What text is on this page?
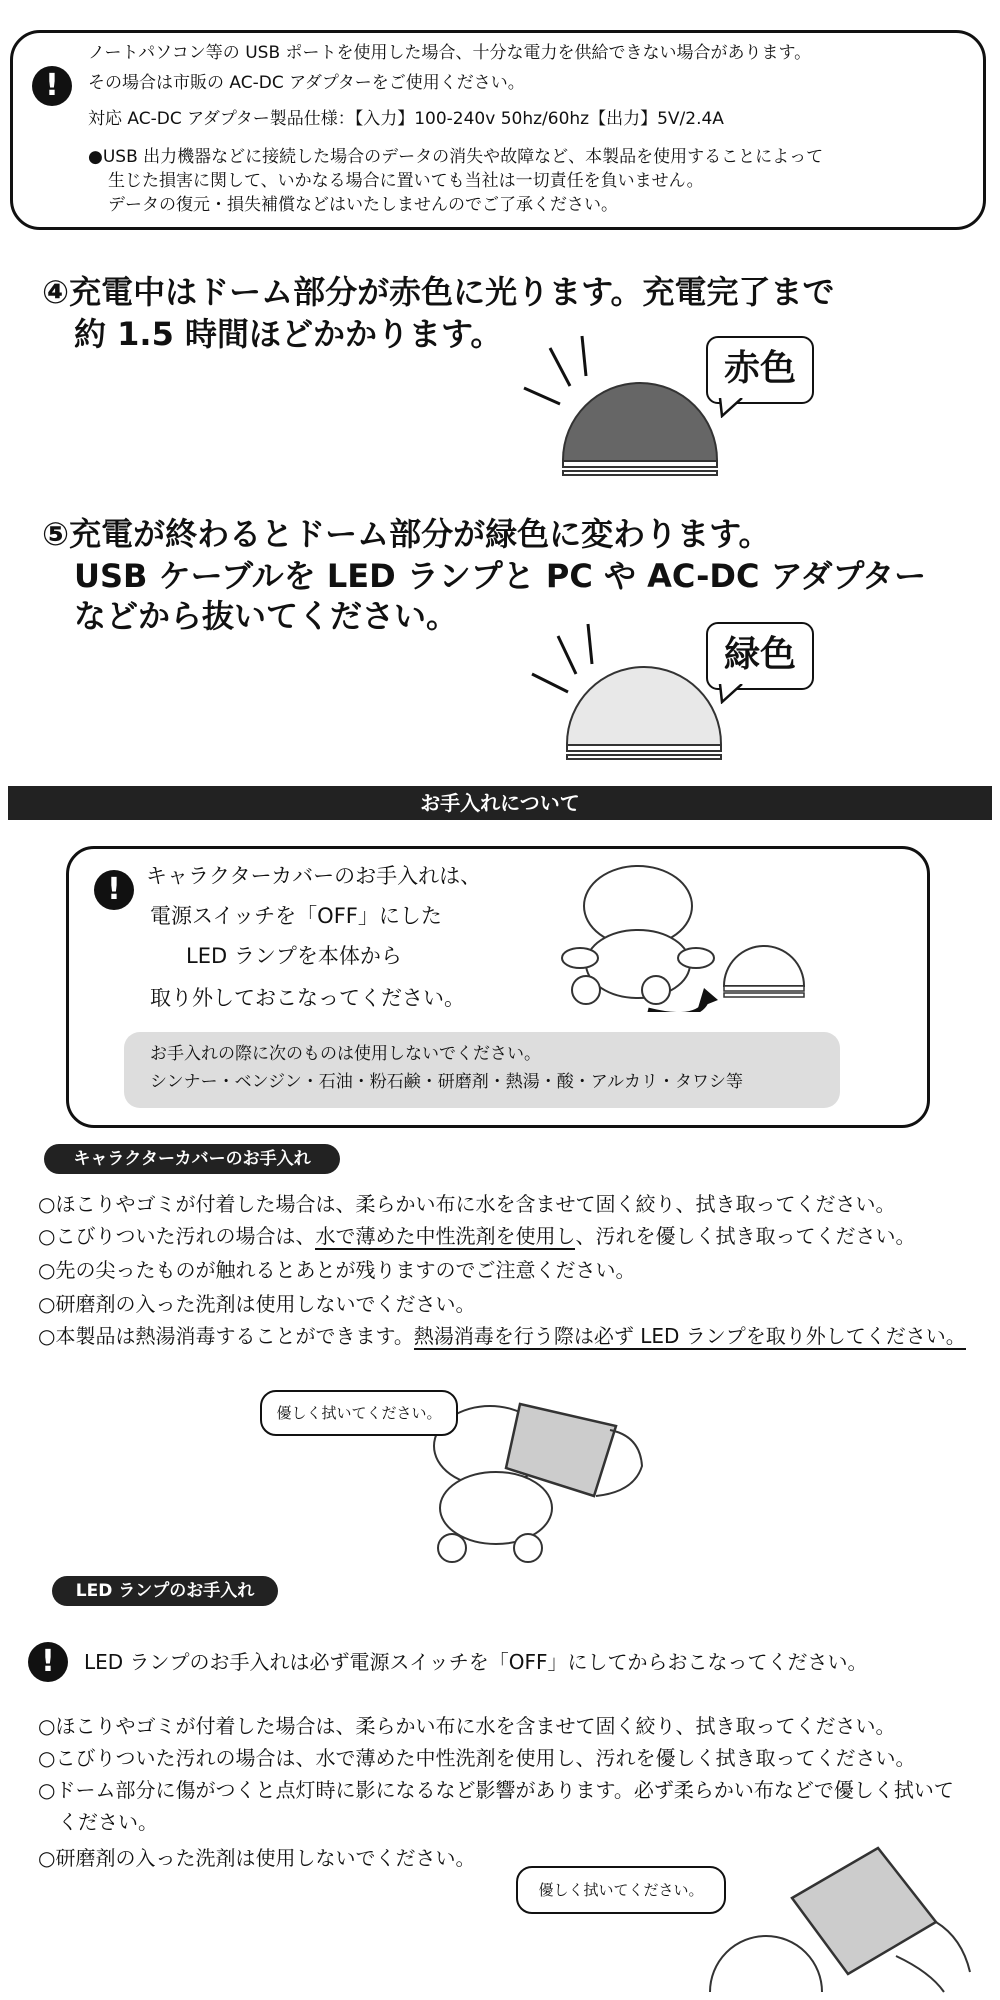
!
ノートパソコン等の USB ポートを使用した場合、十分な電力を供給できない場合があります。
その場合は市販の AC-DC アダプターをご使用ください。
対応 AC-DC アダプター製品仕様：【入力】100-240v 50hz/60hz【出力】5V/2.4A
●USB 出力機器などに接続した場合のデータの消失や故障など、本製品を使用することによって
生じた損害に関して、いかなる場合に置いても当社は一切責任を負いません。
データの復元・損失補償などはいたしませんのでご了承ください。
④充電中はドーム部分が赤色に光ります。充電完了まで
約 1.5 時間ほどかかります。
赤色
⑤充電が終わるとドーム部分が緑色に変わります。
USB ケーブルを LED ランプと PC や AC-DC アダプター
などから抜いてください。
緑色
お手入れについて
!	キャラクターカバーのお手入れは、
電源スイッチを「OFF」にした
LED ランプを本体から
取り外しておこなってください。
お手入れの際に次のものは使用しないでください。
シンナー・ベンジン・石油・粉石鹸・研磨剤・熱湯・酸・アルカリ・タワシ等
キャラクターカバーのお手入れ
○ほこりやゴミが付着した場合は、柔らかい布に水を含ませて固く絞り、拭き取ってください。
○こびりついた汚れの場合は、水で薄めた中性洗剤を使用し、汚れを優しく拭き取ってください。
○先の尖ったものが触れるとあとが残りますのでご注意ください。
○研磨剤の入った洗剤は使用しないでください。
○本製品は熱湯消毒することができます。熱湯消毒を行う際は必ず LED ランプを取り外してください。
優しく拭いてください。
LED ランプのお手入れ
!	LED ランプのお手入れは必ず電源スイッチを「OFF」にしてからおこなってください。
○ほこりやゴミが付着した場合は、柔らかい布に水を含ませて固く絞り、拭き取ってください。
○こびりついた汚れの場合は、水で薄めた中性洗剤を使用し、汚れを優しく拭き取ってください。
○ドーム部分に傷がつくと点灯時に影になるなど影響があります。必ず柔らかい布などで優しく拭いて
ください。
○研磨剤の入った洗剤は使用しないでください。
優しく拭いてください。
